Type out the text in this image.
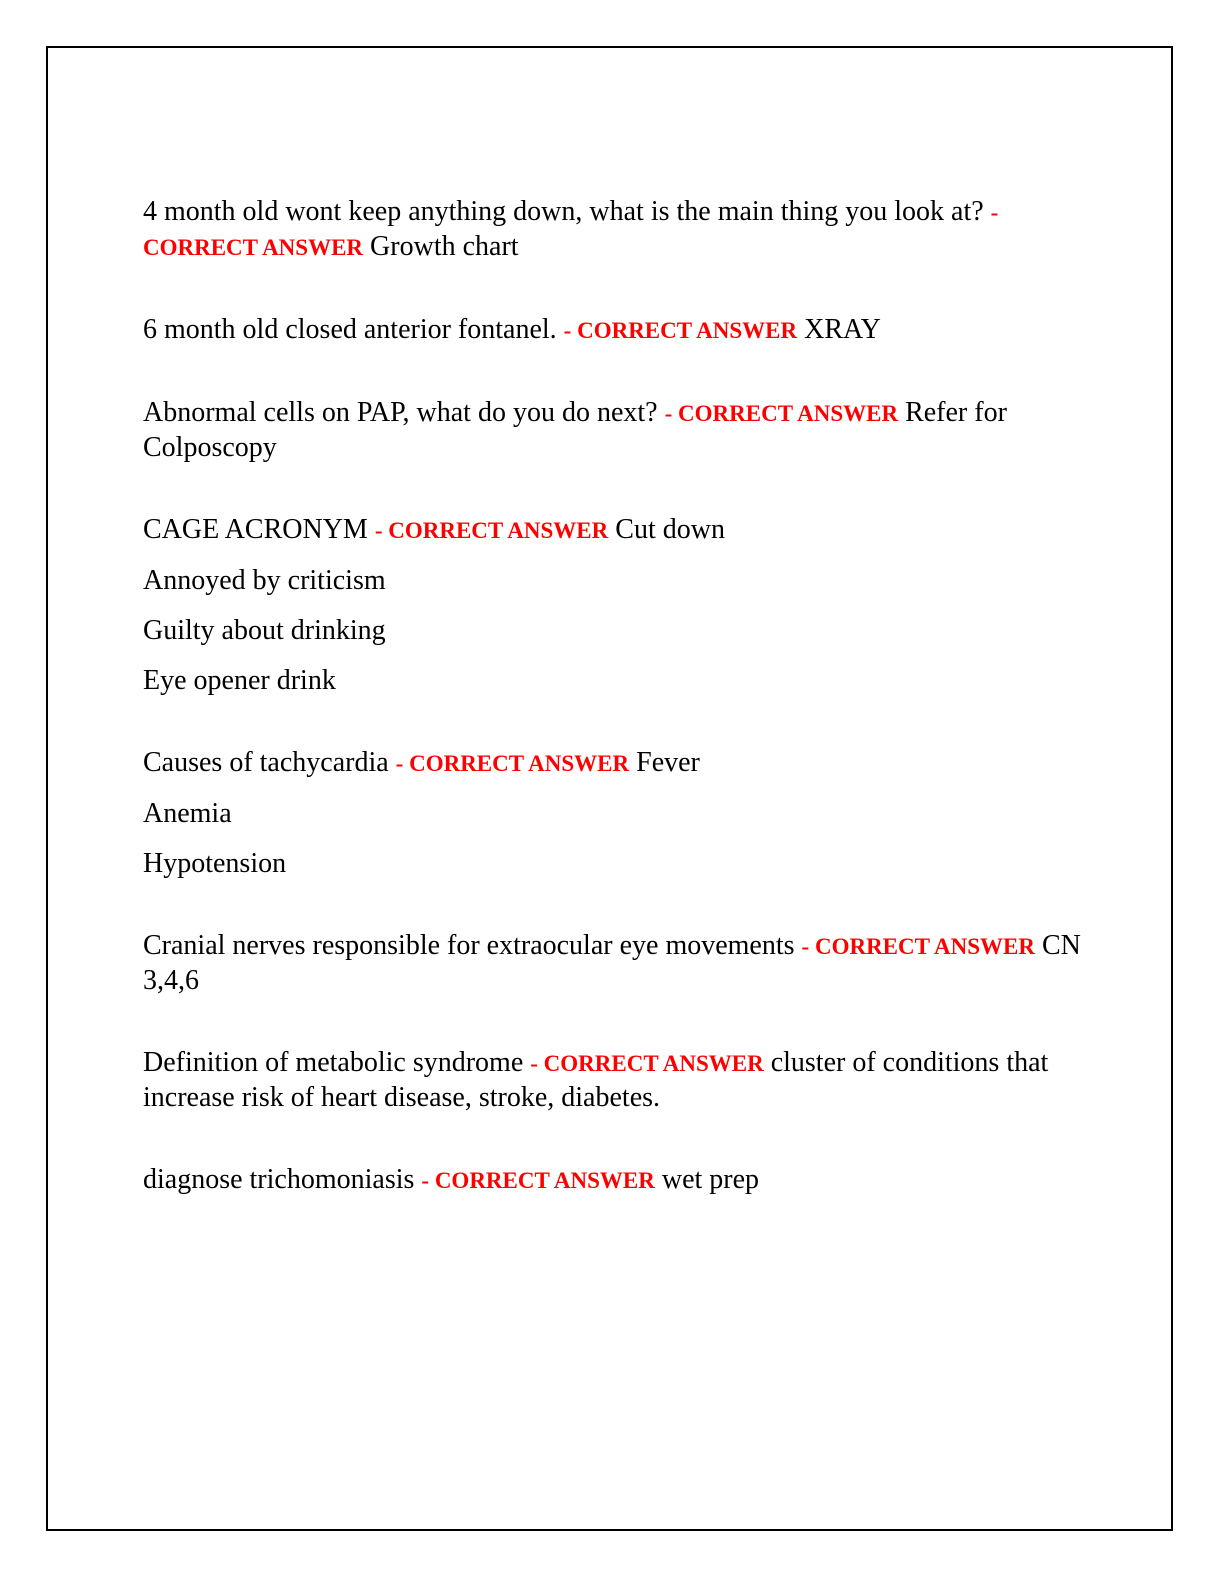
4 month old wont keep anything down, what is the main thing you look at? - CORRECT ANSWER Growth chart

6 month old closed anterior fontanel. - CORRECT ANSWER XRAY

Abnormal cells on PAP, what do you do next? - CORRECT ANSWER Refer for Colposcopy

CAGE ACRONYM - CORRECT ANSWER Cut down

Annoyed by criticism

Guilty about drinking

Eye opener drink

Causes of tachycardia - CORRECT ANSWER Fever

Anemia

Hypotension

Cranial nerves responsible for extraocular eye movements - CORRECT ANSWER CN 3,4,6

Definition of metabolic syndrome - CORRECT ANSWER cluster of conditions that increase risk of heart disease, stroke, diabetes.

diagnose trichomoniasis - CORRECT ANSWER wet prep
